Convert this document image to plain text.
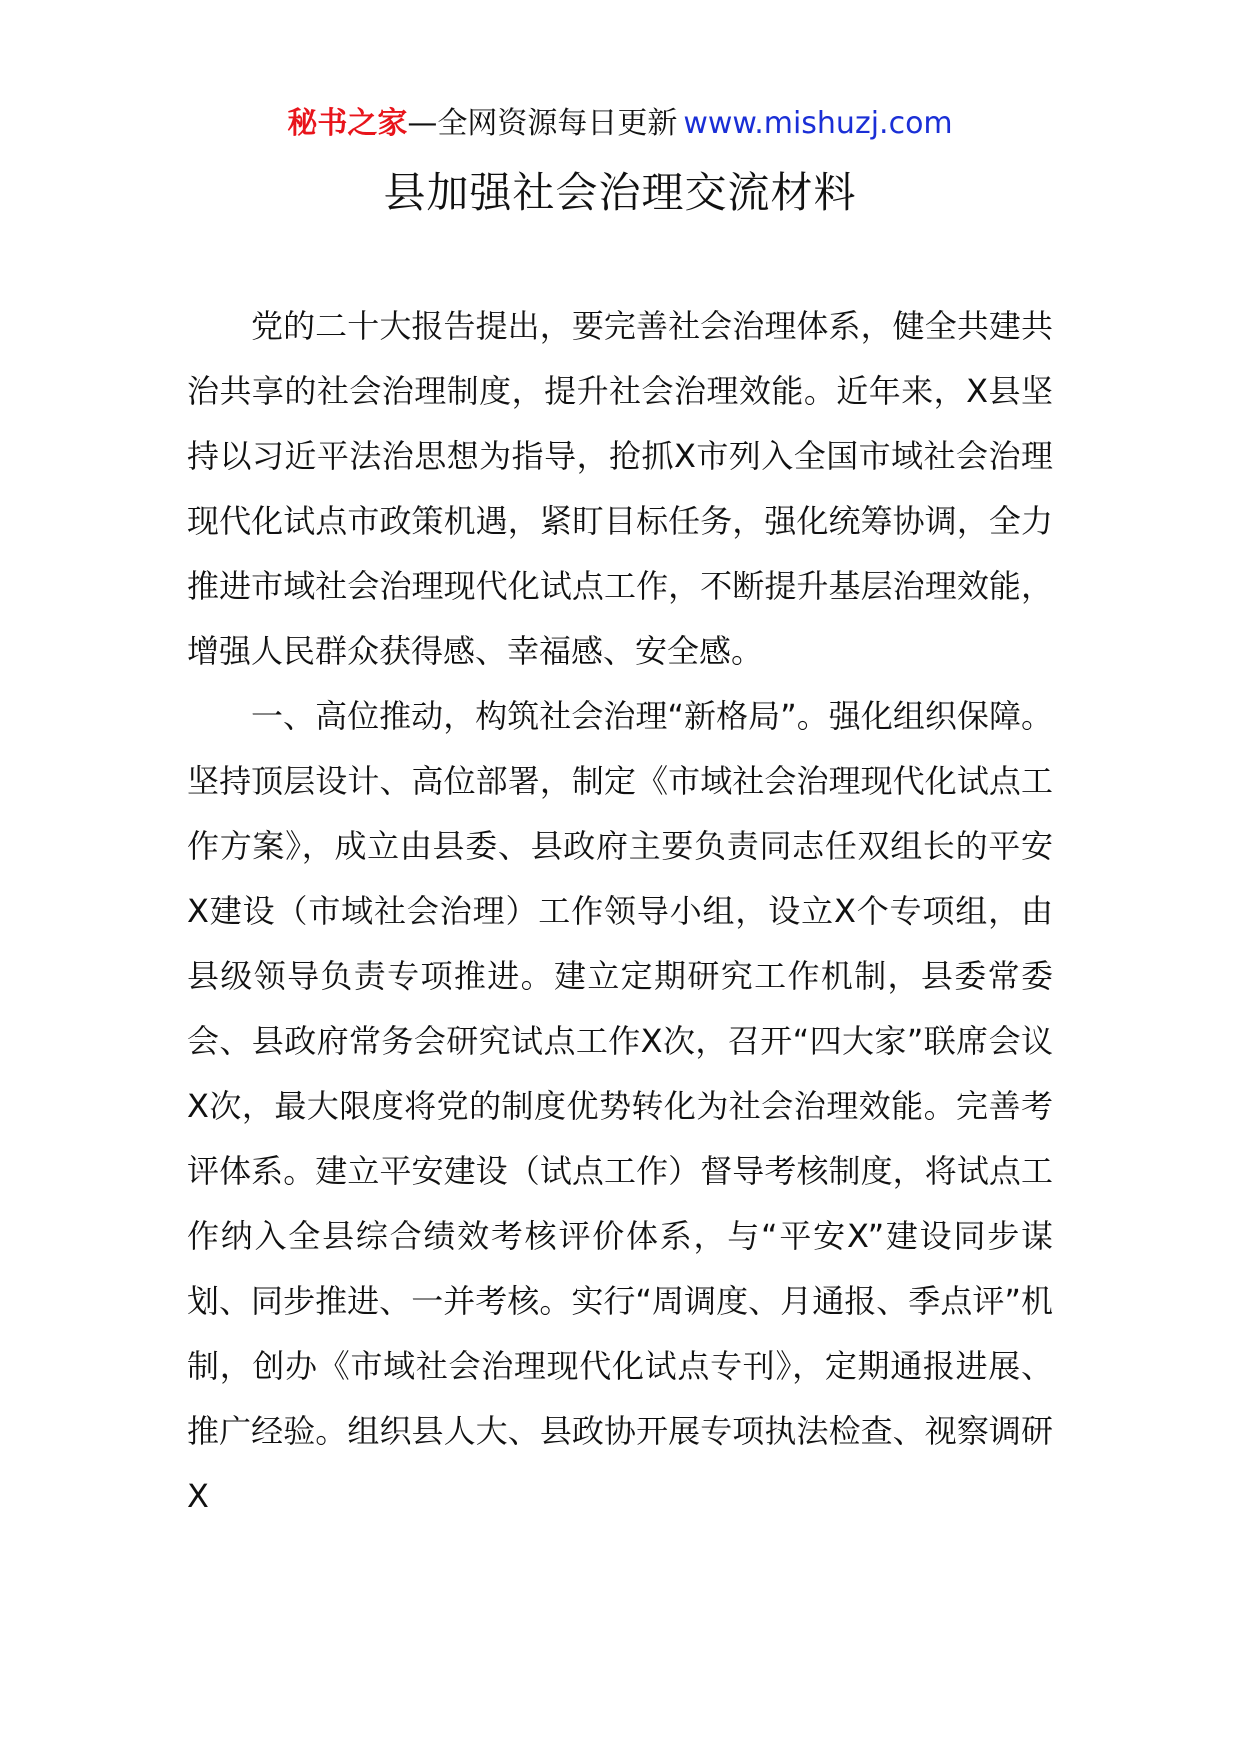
秘书之家—全网资源每日更新 www.mishuzj.com
县加强社会治理交流材料

党的二十大报告提出，要完善社会治理体系，健全共建共治共享的社会治理制度，提升社会治理效能。近年来，X县坚持以习近平法治思想为指导，抢抓X市列入全国市域社会治理现代化试点市政策机遇，紧盯目标任务，强化统筹协调，全力推进市域社会治理现代化试点工作，不断提升基层治理效能，增强人民群众获得感、幸福感、安全感。

一、高位推动，构筑社会治理“新格局”。强化组织保障。坚持顶层设计、高位部署，制定《市域社会治理现代化试点工作方案》，成立由县委、县政府主要负责同志任双组长的平安X建设（市域社会治理）工作领导小组，设立X个专项组，由县级领导负责专项推进。建立定期研究工作机制，县委常委会、县政府常务会研究试点工作X次，召开“四大家”联席会议X次，最大限度将党的制度优势转化为社会治理效能。完善考评体系。建立平安建设（试点工作）督导考核制度，将试点工作纳入全县综合绩效考核评价体系，与“平安X”建设同步谋划、同步推进、一并考核。实行“周调度、月通报、季点评”机制，创办《市域社会治理现代化试点专刊》，定期通报进展、推广经验。组织县人大、县政协开展专项执法检查、视察调研X
